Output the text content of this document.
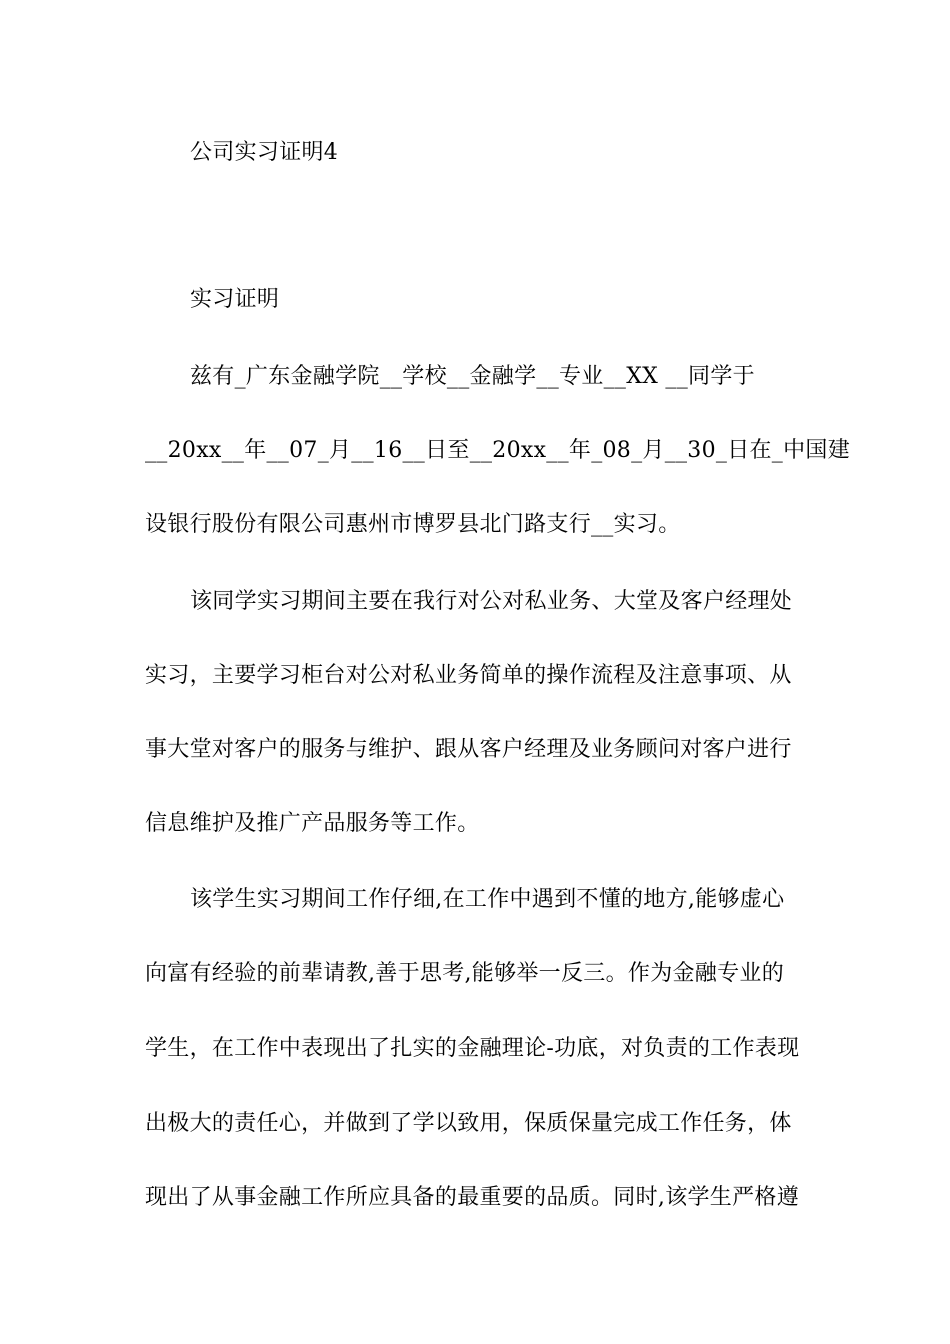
公司实习证明4
实习证明
兹有_广东金融学院__学校__金融学__专业__XX __同学于
__20xx__年__07_月__16__日至__20xx__年_08_月__30_日在_中国建
设银行股份有限公司惠州市博罗县北门路支行__实习。
该同学实习期间主要在我行对公对私业务、大堂及客户经理处
实习，主要学习柜台对公对私业务简单的操作流程及注意事项、从
事大堂对客户的服务与维护、跟从客户经理及业务顾问对客户进行
信息维护及推广产品服务等工作。
该学生实习期间工作仔细,在工作中遇到不懂的地方,能够虚心
向富有经验的前辈请教,善于思考,能够举一反三。作为金融专业的
学生，在工作中表现出了扎实的金融理论-功底，对负责的工作表现
出极大的责任心，并做到了学以致用，保质保量完成工作任务，体
现出了从事金融工作所应具备的最重要的品质。同时,该学生严格遵
